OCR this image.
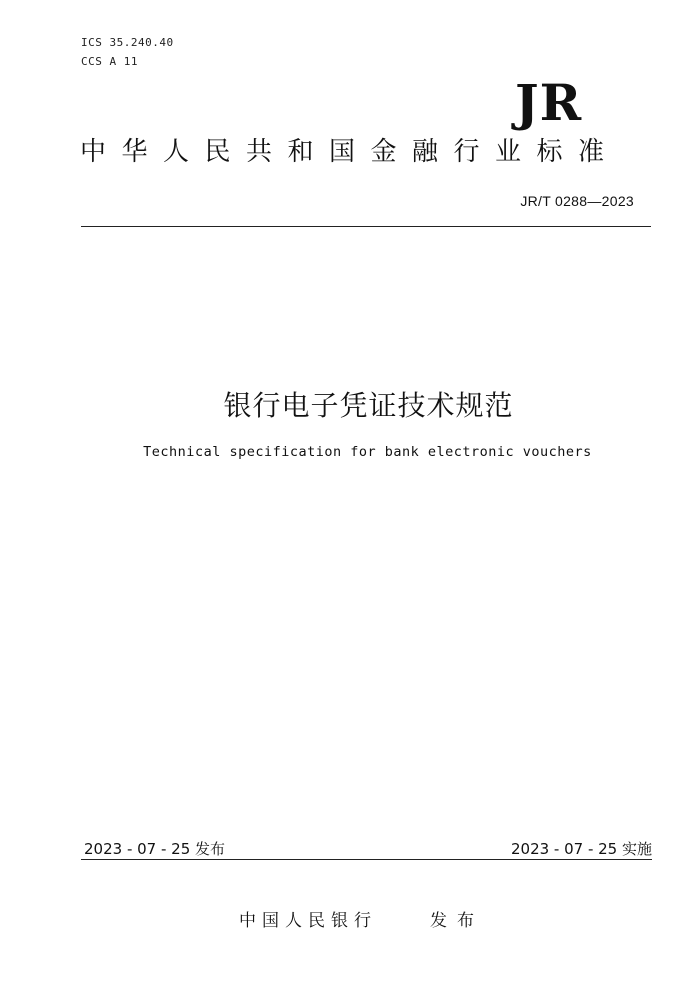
ICS 35.240.40
CCS A 11
JR
中华人民共和国金融行业标准
JR/T 0288—2023
银行电子凭证技术规范
Technical specification for bank electronic vouchers
2023 - 07 - 25 发布	2023 - 07 - 25 实施
中国人民银行	发布
